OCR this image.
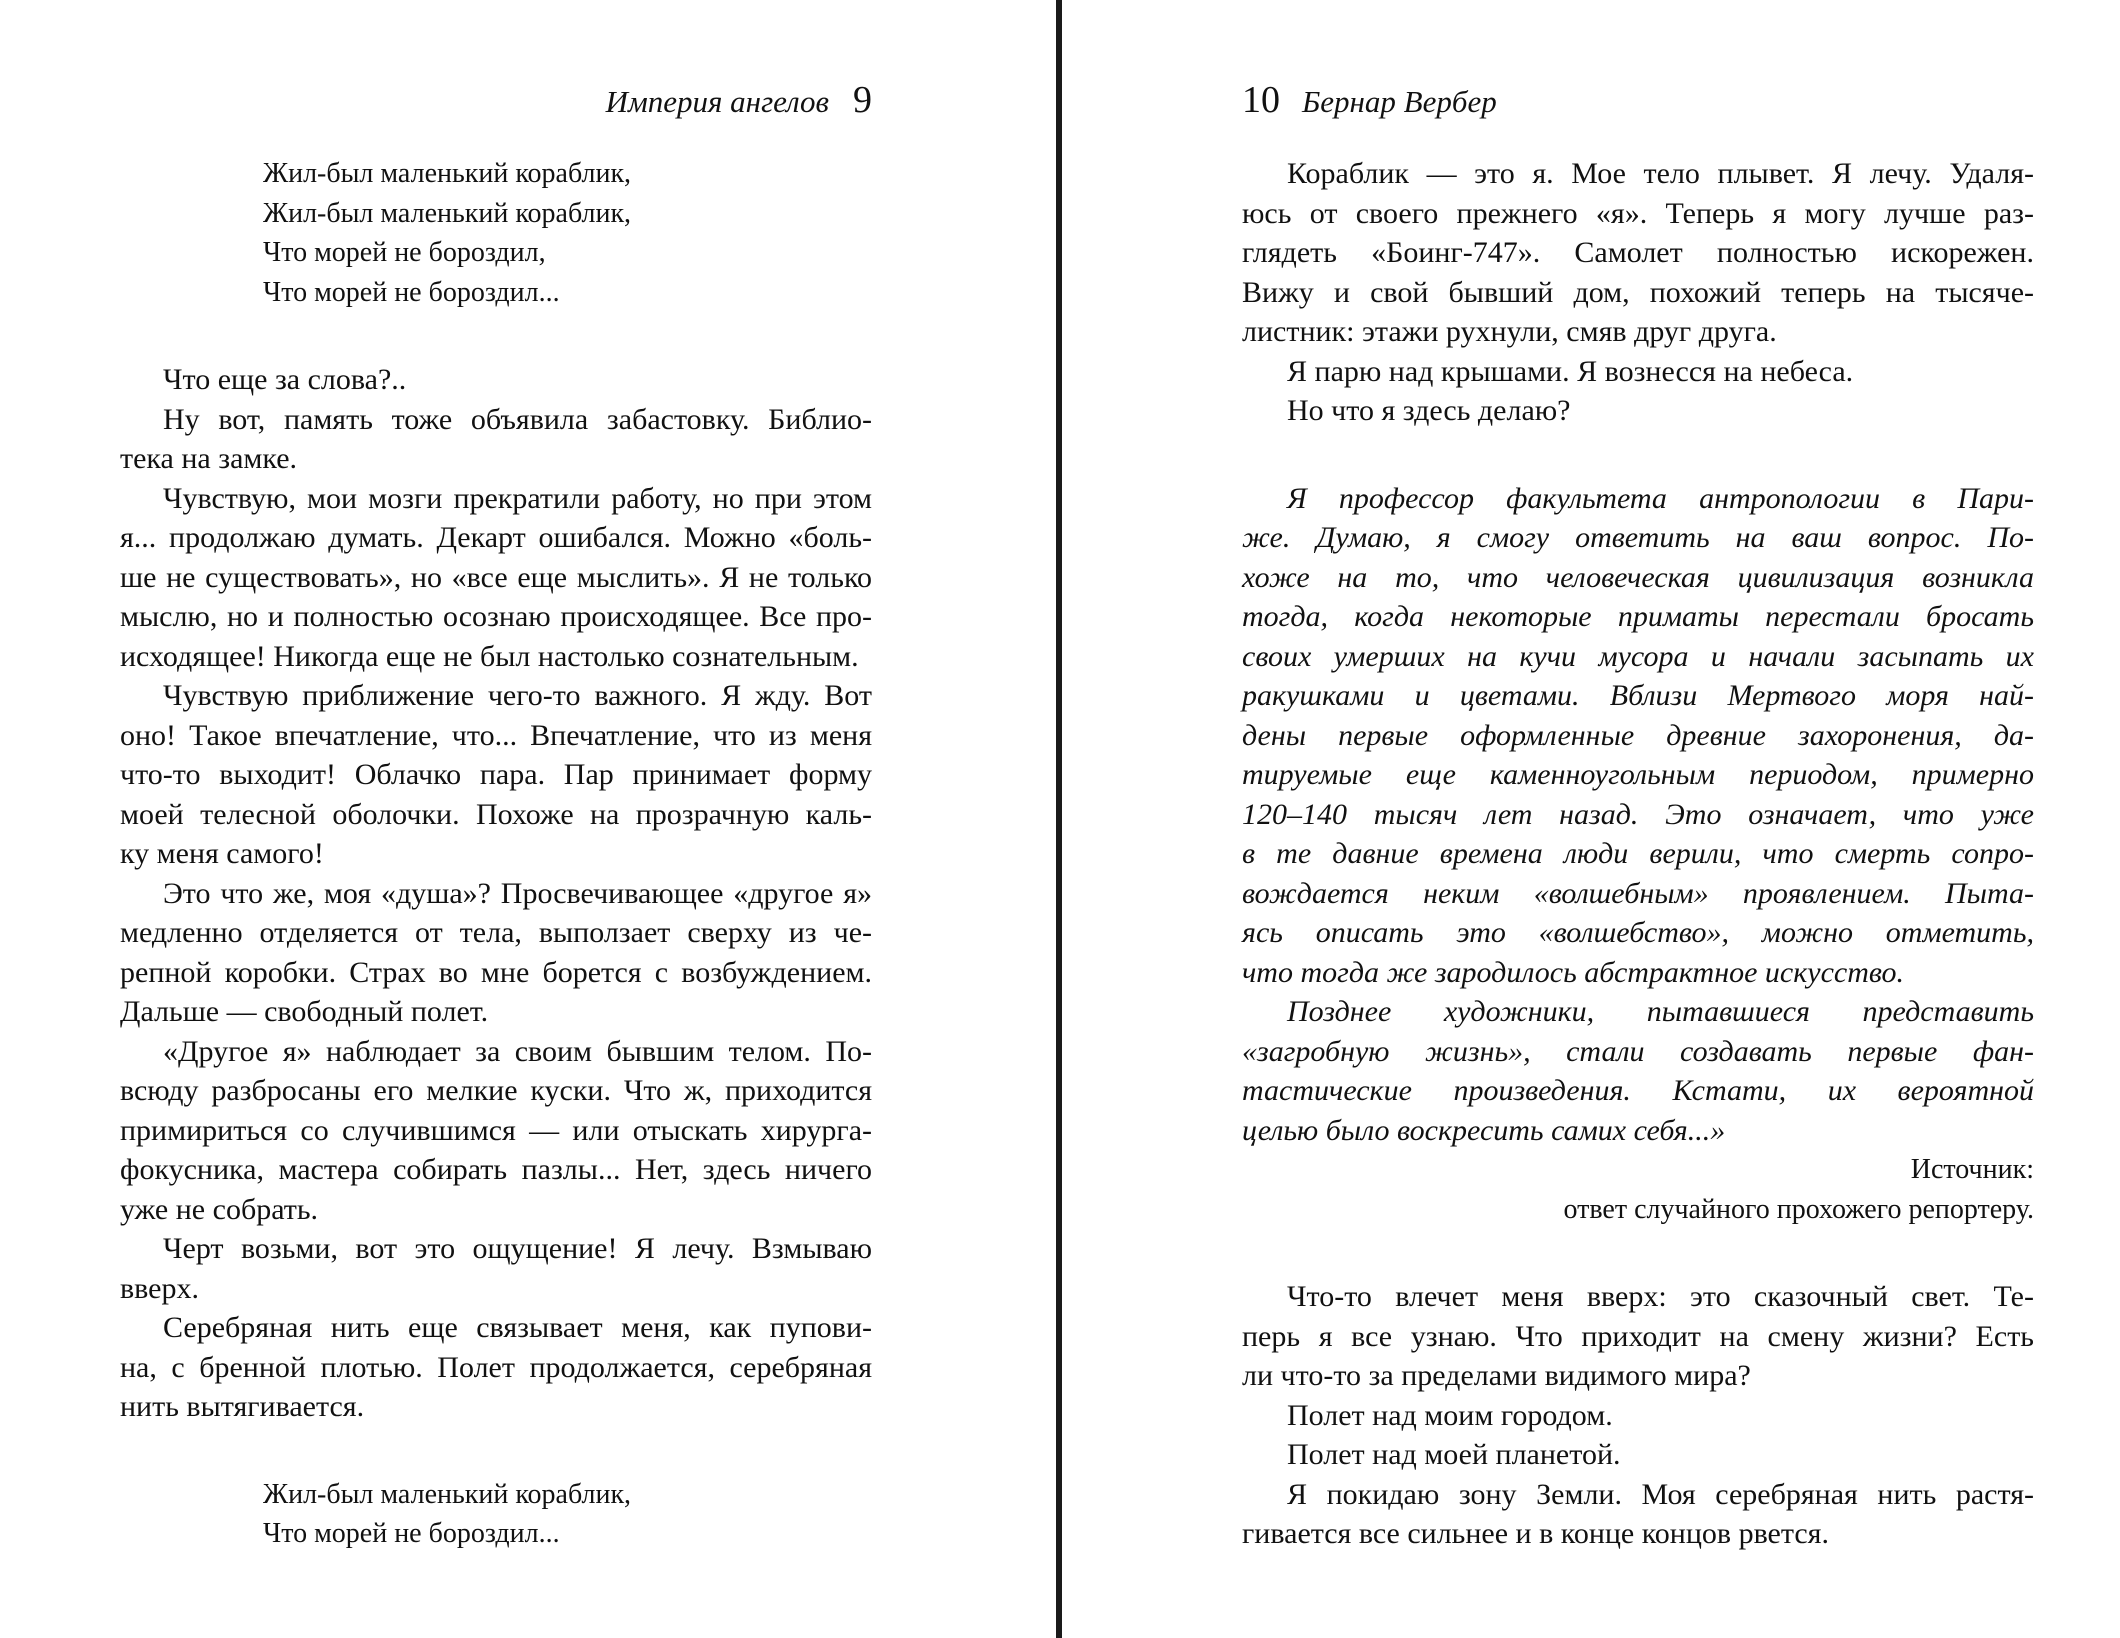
Империя ангелов 9
Жил-был маленький кораблик,
Жил-был маленький кораблик,
Что морей не бороздил,
Что морей не бороздил...
Что еще за слова?..
Ну вот, память тоже объявила забастовку. Библио-
тека на замке.
Чувствую, мои мозги прекратили работу, но при этом
я... продолжаю думать. Декарт ошибался. Можно «боль-
ше не существовать», но «все еще мыслить». Я не только
мыслю, но и полностью осознаю происходящее. Все про-
исходящее! Никогда еще не был настолько сознательным.
Чувствую приближение чего-то важного. Я жду. Вот
оно! Такое впечатление, что... Впечатление, что из меня
что-то выходит! Облачко пара. Пар принимает форму
моей телесной оболочки. Похоже на прозрачную каль-
ку меня самого!
Это что же, моя «душа»? Просвечивающее «другое я»
медленно отделяется от тела, выползает сверху из че-
репной коробки. Страх во мне борется с возбуждением.
Дальше — свободный полет.
«Другое я» наблюдает за своим бывшим телом. По-
всюду разбросаны его мелкие куски. Что ж, приходится
примириться со случившимся — или отыскать хирурга-
фокусника, мастера собирать пазлы... Нет, здесь ничего
уже не собрать.
Черт возьми, вот это ощущение! Я лечу. Взмываю
вверх.
Серебряная нить еще связывает меня, как пупови-
на, с бренной плотью. Полет продолжается, серебряная
нить вытягивается.
Жил-был маленький кораблик,
Что морей не бороздил...
10 Бернар Вербер
Кораблик — это я. Мое тело плывет. Я лечу. Удаля-
юсь от своего прежнего «я». Теперь я могу лучше раз-
глядеть «Боинг-747». Самолет полностью искорежен.
Вижу и свой бывший дом, похожий теперь на тысяче-
листник: этажи рухнули, смяв друг друга.
Я парю над крышами. Я вознесся на небеса.
Но что я здесь делаю?
Я профессор факультета антропологии в Пари-
же. Думаю, я смогу ответить на ваш вопрос. По-
хоже на то, что человеческая цивилизация возникла
тогда, когда некоторые приматы перестали бросать
своих умерших на кучи мусора и начали засыпать их
ракушками и цветами. Вблизи Мертвого моря най-
дены первые оформленные древние захоронения, да-
тируемые еще каменноугольным периодом, примерно
120–140 тысяч лет назад. Это означает, что уже
в те давние времена люди верили, что смерть сопро-
вождается неким «волшебным» проявлением. Пыта-
ясь описать это «волшебство», можно отметить,
что тогда же зародилось абстрактное искусство.
Позднее художники, пытавшиеся представить
«загробную жизнь», стали создавать первые фан-
тастические произведения. Кстати, их вероятной
целью было воскресить самих себя...»
Источник:
ответ случайного прохожего репортеру.
Что-то влечет меня вверх: это сказочный свет. Те-
перь я все узнаю. Что приходит на смену жизни? Есть
ли что-то за пределами видимого мира?
Полет над моим городом.
Полет над моей планетой.
Я покидаю зону Земли. Моя серебряная нить растя-
гивается все сильнее и в конце концов рвется.
